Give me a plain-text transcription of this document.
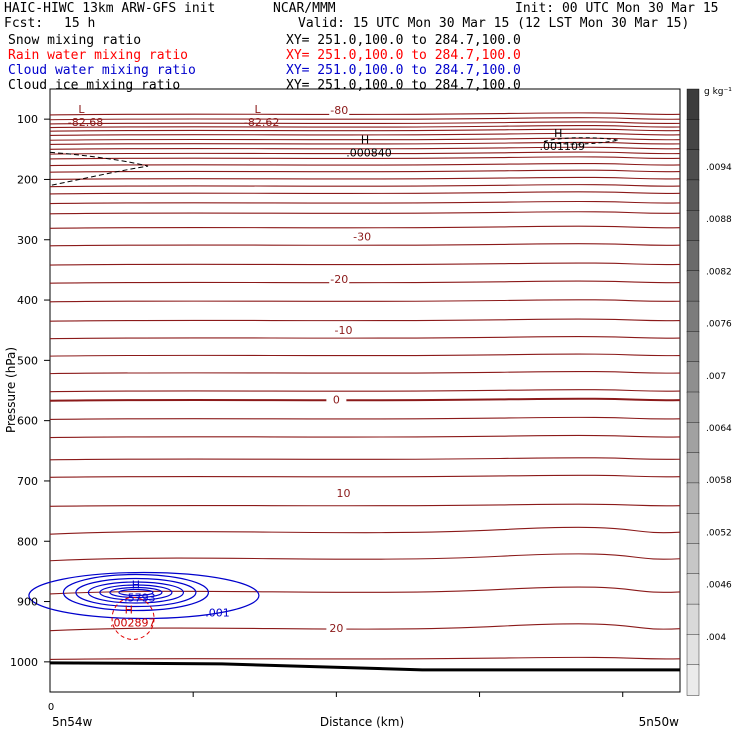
HAIC-HIWC 13km ARW-GFS init	NCAR/MMM	Init: 00 UTC Mon 30 Mar 15
Fcst: 15 h	Valid: 15 UTC Mon 30 Mar 15 (12 LST Mon 30 Mar 15)
Snow mixing ratio	XY= 251.0,100.0 to 284.7,100.0
Rain water mixing ratio	XY= 251.0,100.0 to 284.7,100.0
Cloud water mixing ratio	XY= 251.0,100.0 to 284.7,100.0
Cloud ice mixing ratio	XY= 251.0,100.0 to 284.7,100.0
-80
-30
-20
-10
0
10
20
.001
L
-82.68
L
-82.62
H
.000840
H
.001109
H
.5793
H
.002897
100
200
300
400
500
600
700
800
900
1000
.0094
.0088
.0082
.0076
.007
.0064
.0058
.0052
.0046
.004
Pressure (hPa)
Distance (km)
0
5n54w	5n50w
g kg⁻¹
